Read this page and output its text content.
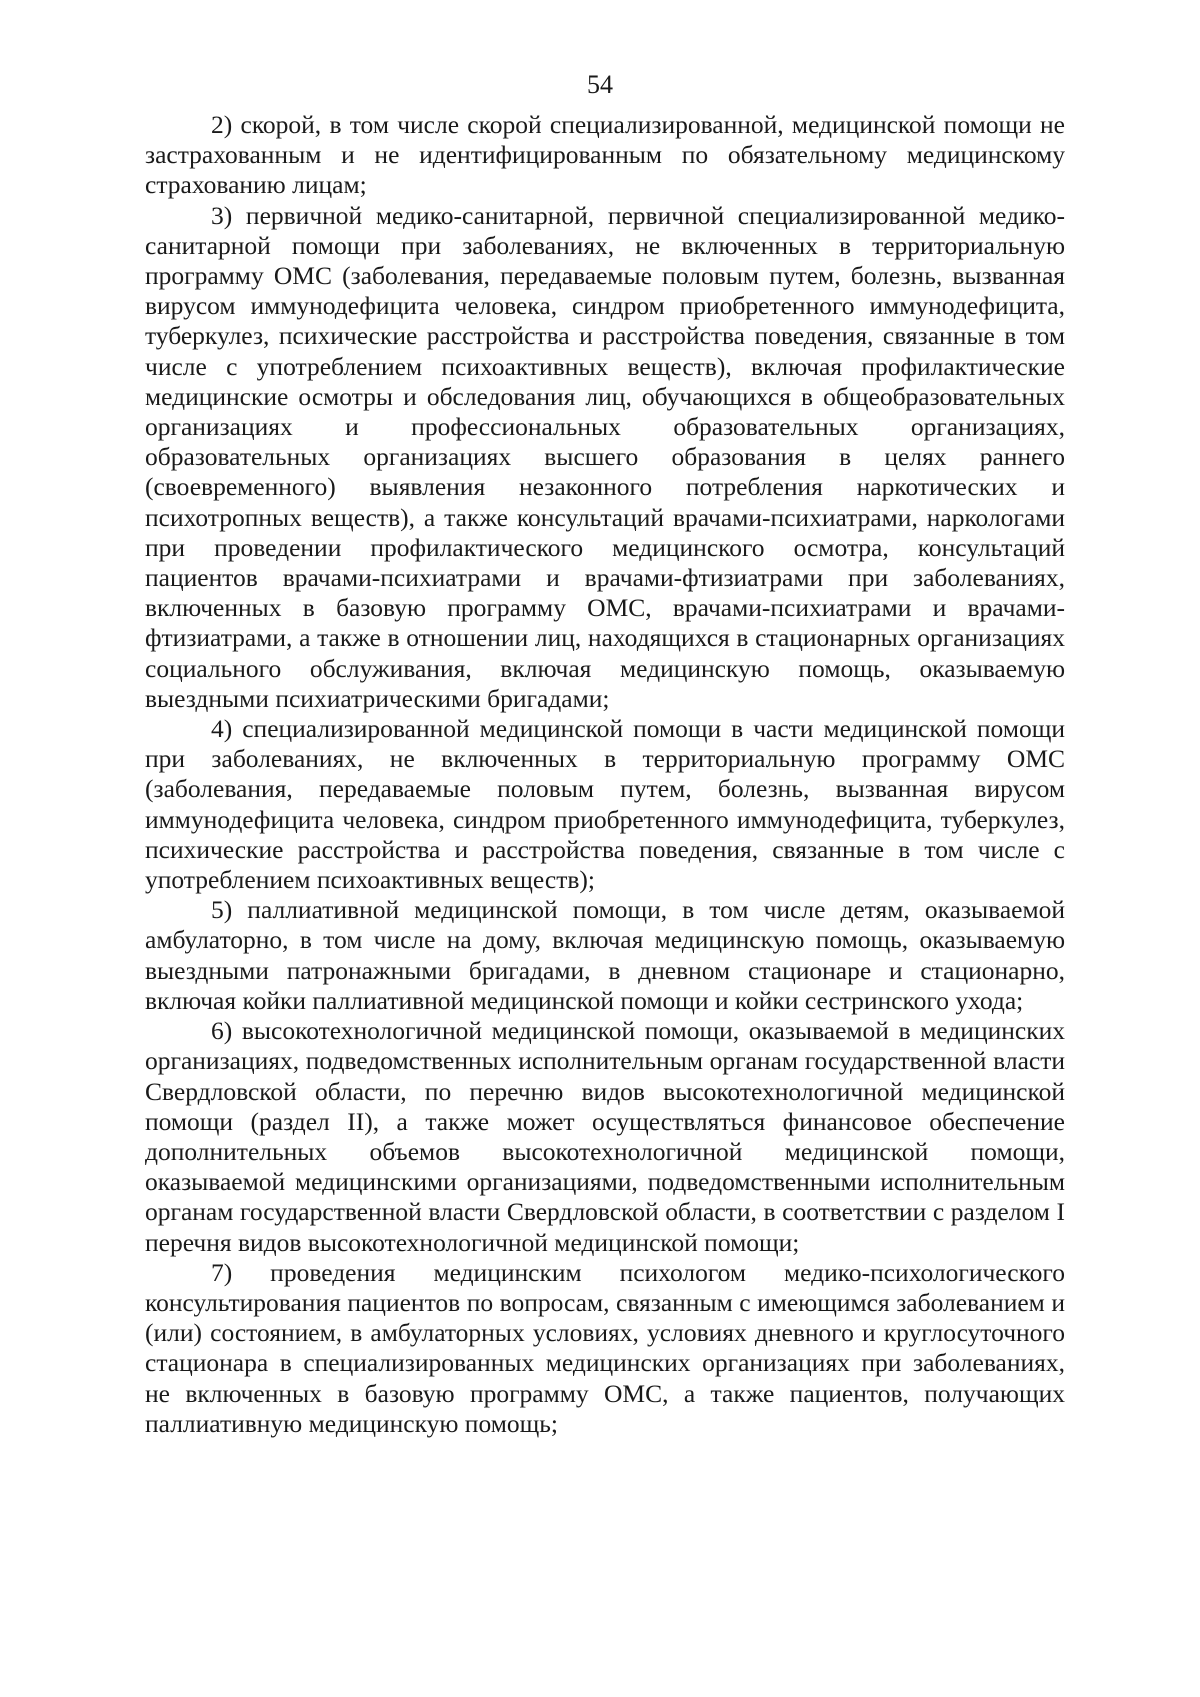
54

2) скорой, в том числе скорой специализированной, медицинской помощи не застрахованным и не идентифицированным по обязательному медицинскому страхованию лицам;

3) первичной медико-санитарной, первичной специализированной медико-санитарной помощи при заболеваниях, не включенных в территориальную программу ОМС (заболевания, передаваемые половым путем, болезнь, вызванная вирусом иммунодефицита человека, синдром приобретенного иммунодефицита, туберкулез, психические расстройства и расстройства поведения, связанные в том числе с употреблением психоактивных веществ), включая профилактические медицинские осмотры и обследования лиц, обучающихся в общеобразовательных организациях и профессиональных образовательных организациях, образовательных организациях высшего образования в целях раннего (своевременного) выявления незаконного потребления наркотических и психотропных веществ), а также консультаций врачами-психиатрами, наркологами при проведении профилактического медицинского осмотра, консультаций пациентов врачами-психиатрами и врачами-фтизиатрами при заболеваниях, включенных в базовую программу ОМС, врачами-психиатрами и врачами-фтизиатрами, а также в отношении лиц, находящихся в стационарных организациях социального обслуживания, включая медицинскую помощь, оказываемую выездными психиатрическими бригадами;

4) специализированной медицинской помощи в части медицинской помощи при заболеваниях, не включенных в территориальную программу ОМС (заболевания, передаваемые половым путем, болезнь, вызванная вирусом иммунодефицита человека, синдром приобретенного иммунодефицита, туберкулез, психические расстройства и расстройства поведения, связанные в том числе с употреблением психоактивных веществ);

5) паллиативной медицинской помощи, в том числе детям, оказываемой амбулаторно, в том числе на дому, включая медицинскую помощь, оказываемую выездными патронажными бригадами, в дневном стационаре и стационарно, включая койки паллиативной медицинской помощи и койки сестринского ухода;

6) высокотехнологичной медицинской помощи, оказываемой в медицинских организациях, подведомственных исполнительным органам государственной власти Свердловской области, по перечню видов высокотехнологичной медицинской помощи (раздел II), а также может осуществляться финансовое обеспечение дополнительных объемов высокотехнологичной медицинской помощи, оказываемой медицинскими организациями, подведомственными исполнительным органам государственной власти Свердловской области, в соответствии с разделом I перечня видов высокотехнологичной медицинской помощи;

7) проведения медицинским психологом медико-психологического консультирования пациентов по вопросам, связанным с имеющимся заболеванием и (или) состоянием, в амбулаторных условиях, условиях дневного и круглосуточного стационара в специализированных медицинских организациях при заболеваниях, не включенных в базовую программу ОМС, а также пациентов, получающих паллиативную медицинскую помощь;
